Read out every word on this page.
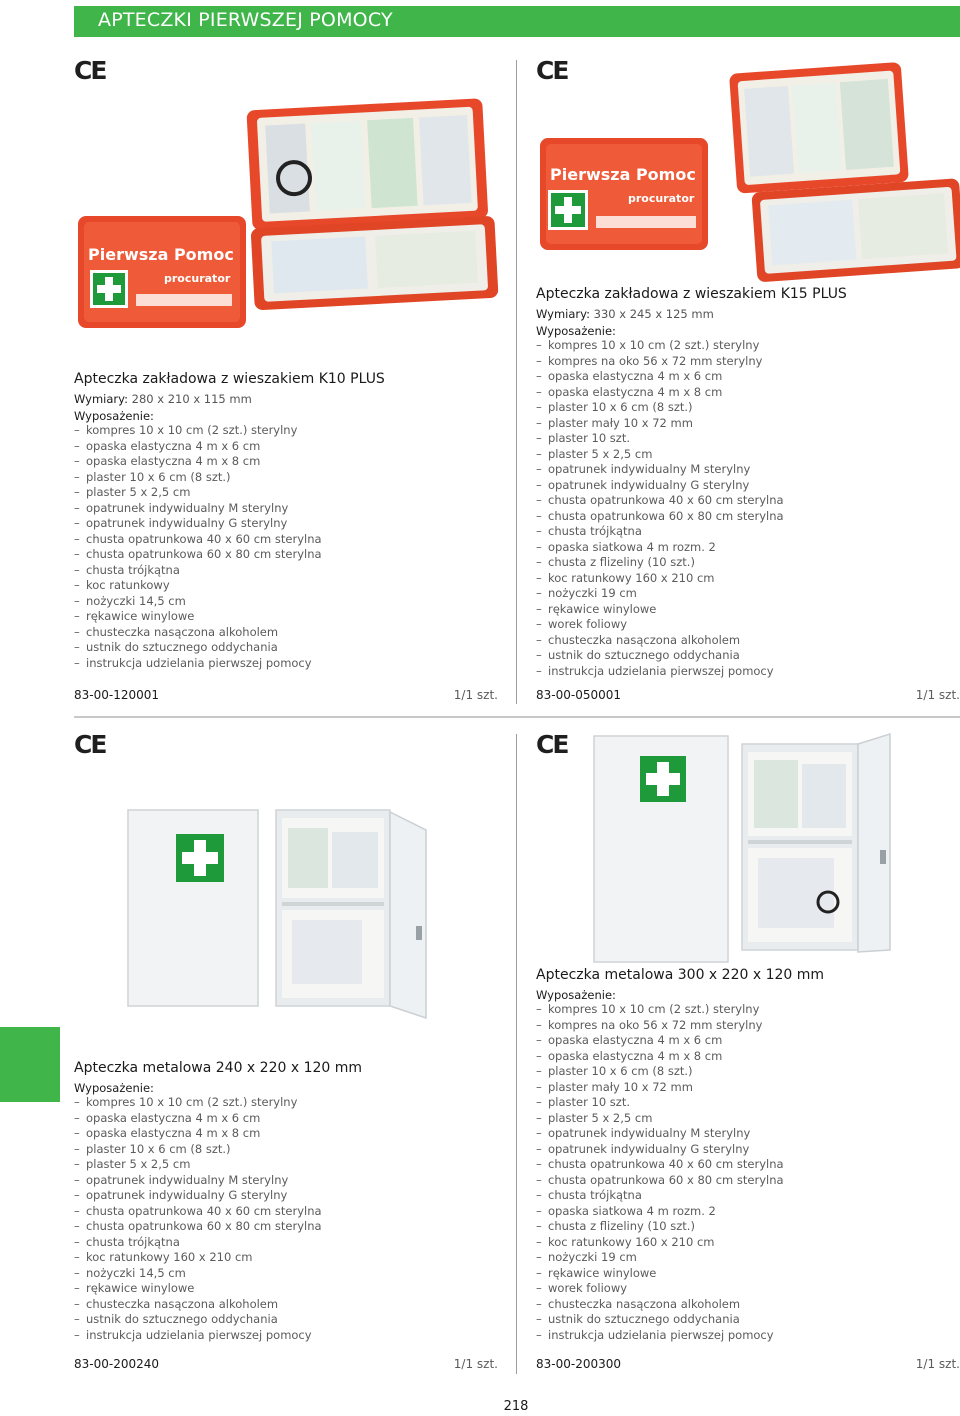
APTECZKI PIERWSZEJ POMOCY
CE	CE
CE	CE
Pierwsza Pomoc
procurator
Pierwsza Pomoc
procurator
Apteczka zakładowa z wieszakiem K10 PLUS
Wymiary: 280 x 210 x 115 mm
Wyposażenie:
– kompres 10 x 10 cm (2 szt.) sterylny
– opaska elastyczna 4 m x 6 cm
– opaska elastyczna 4 m x 8 cm
– plaster 10 x 6 cm (8 szt.)
– plaster 5 x 2,5 cm
– opatrunek indywidualny M sterylny
– opatrunek indywidualny G sterylny
– chusta opatrunkowa 40 x 60 cm sterylna
– chusta opatrunkowa 60 x 80 cm sterylna
– chusta trójkątna
– koc ratunkowy
– nożyczki 14,5 cm
– rękawice winylowe
– chusteczka nasączona alkoholem
– ustnik do sztucznego oddychania
– instrukcja udzielania pierwszej pomocy
83-00-120001	1/1 szt.
Apteczka zakładowa z wieszakiem K15 PLUS
Wymiary: 330 x 245 x 125 mm
Wyposażenie:
– kompres 10 x 10 cm (2 szt.) sterylny
– kompres na oko 56 x 72 mm sterylny
– opaska elastyczna 4 m x 6 cm
– opaska elastyczna 4 m x 8 cm
– plaster 10 x 6 cm (8 szt.)
– plaster mały 10 x 72 mm
– plaster 10 szt.
– plaster 5 x 2,5 cm
– opatrunek indywidualny M sterylny
– opatrunek indywidualny G sterylny
– chusta opatrunkowa 40 x 60 cm sterylna
– chusta opatrunkowa 60 x 80 cm sterylna
– chusta trójkątna
– opaska siatkowa 4 m rozm. 2
– chusta z flizeliny (10 szt.)
– koc ratunkowy 160 x 210 cm
– nożyczki 19 cm
– rękawice winylowe
– worek foliowy
– chusteczka nasączona alkoholem
– ustnik do sztucznego oddychania
– instrukcja udzielania pierwszej pomocy
83-00-050001	1/1 szt.
Apteczka metalowa 240 x 220 x 120 mm
Wyposażenie:
– kompres 10 x 10 cm (2 szt.) sterylny
– opaska elastyczna 4 m x 6 cm
– opaska elastyczna 4 m x 8 cm
– plaster 10 x 6 cm (8 szt.)
– plaster 5 x 2,5 cm
– opatrunek indywidualny M sterylny
– opatrunek indywidualny G sterylny
– chusta opatrunkowa 40 x 60 cm sterylna
– chusta opatrunkowa 60 x 80 cm sterylna
– chusta trójkątna
– koc ratunkowy 160 x 210 cm
– nożyczki 14,5 cm
– rękawice winylowe
– chusteczka nasączona alkoholem
– ustnik do sztucznego oddychania
– instrukcja udzielania pierwszej pomocy
83-00-200240	1/1 szt.
Apteczka metalowa 300 x 220 x 120 mm
Wyposażenie:
– kompres 10 x 10 cm (2 szt.) sterylny
– kompres na oko 56 x 72 mm sterylny
– opaska elastyczna 4 m x 6 cm
– opaska elastyczna 4 m x 8 cm
– plaster 10 x 6 cm (8 szt.)
– plaster mały 10 x 72 mm
– plaster 10 szt.
– plaster 5 x 2,5 cm
– opatrunek indywidualny M sterylny
– opatrunek indywidualny G sterylny
– chusta opatrunkowa 40 x 60 cm sterylna
– chusta opatrunkowa 60 x 80 cm sterylna
– chusta trójkątna
– opaska siatkowa 4 m rozm. 2
– chusta z flizeliny (10 szt.)
– koc ratunkowy 160 x 210 cm
– nożyczki 19 cm
– rękawice winylowe
– worek foliowy
– chusteczka nasączona alkoholem
– ustnik do sztucznego oddychania
– instrukcja udzielania pierwszej pomocy
83-00-200300	1/1 szt.
218
